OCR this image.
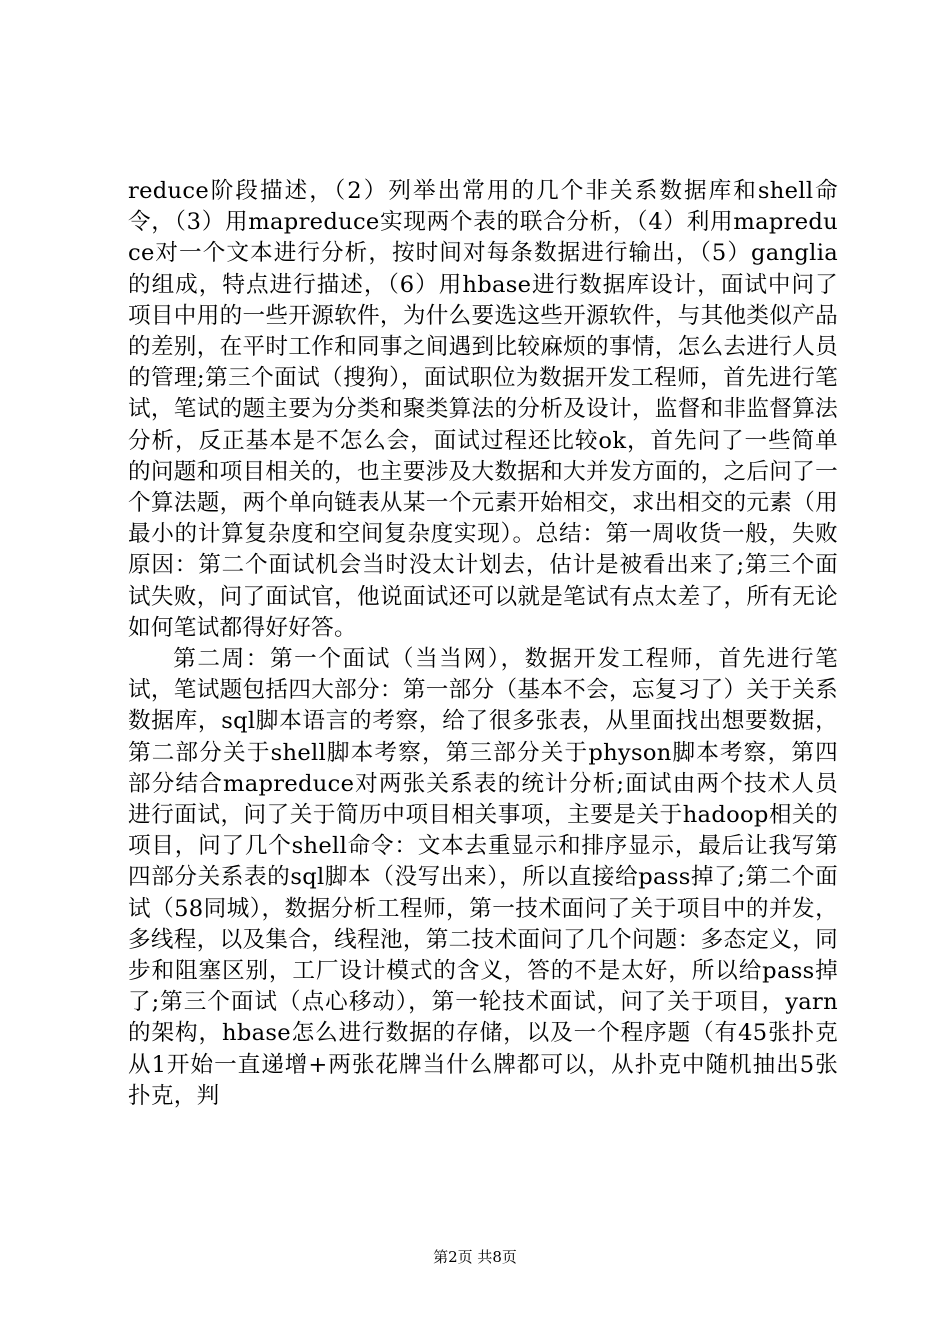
reduce阶段描述，（2）列举出常用的几个非关系数据库和shell命令，（3）用mapreduce实现两个表的联合分析，（4）利用mapreduce对一个文本进行分析，按时间对每条数据进行输出，（5）ganglia的组成，特点进行描述，（6）用hbase进行数据库设计，面试中问了项目中用的一些开源软件，为什么要选这些开源软件，与其他类似产品的差别，在平时工作和同事之间遇到比较麻烦的事情，怎么去进行人员的管理;第三个面试（搜狗），面试职位为数据开发工程师，首先进行笔试，笔试的题主要为分类和聚类算法的分析及设计，监督和非监督算法分析，反正基本是不怎么会，面试过程还比较ok，首先问了一些简单的问题和项目相关的，也主要涉及大数据和大并发方面的，之后问了一个算法题，两个单向链表从某一个元素开始相交，求出相交的元素（用最小的计算复杂度和空间复杂度实现）。总结：第一周收货一般，失败原因：第二个面试机会当时没太计划去，估计是被看出来了;第三个面试失败，问了面试官，他说面试还可以就是笔试有点太差了，所有无论如何笔试都得好好答。

第二周：第一个面试（当当网），数据开发工程师，首先进行笔试，笔试题包括四大部分：第一部分（基本不会，忘复习了）关于关系数据库，sql脚本语言的考察，给了很多张表，从里面找出想要数据，第二部分关于shell脚本考察，第三部分关于physon脚本考察，第四部分结合mapreduce对两张关系表的统计分析;面试由两个技术人员进行面试，问了关于简历中项目相关事项，主要是关于hadoop相关的项目，问了几个shell命令：文本去重显示和排序显示，最后让我写第四部分关系表的sql脚本（没写出来），所以直接给pass掉了;第二个面试（58同城），数据分析工程师，第一技术面问了关于项目中的并发，多线程，以及集合，线程池，第二技术面问了几个问题：多态定义，同步和阻塞区别，工厂设计模式的含义，答的不是太好，所以给pass掉了;第三个面试（点心移动），第一轮技术面试，问了关于项目，yarn的架构，hbase怎么进行数据的存储，以及一个程序题（有45张扑克从1开始一直递增+两张花牌当什么牌都可以，从扑克中随机抽出5张扑克，判

第2页 共8页
